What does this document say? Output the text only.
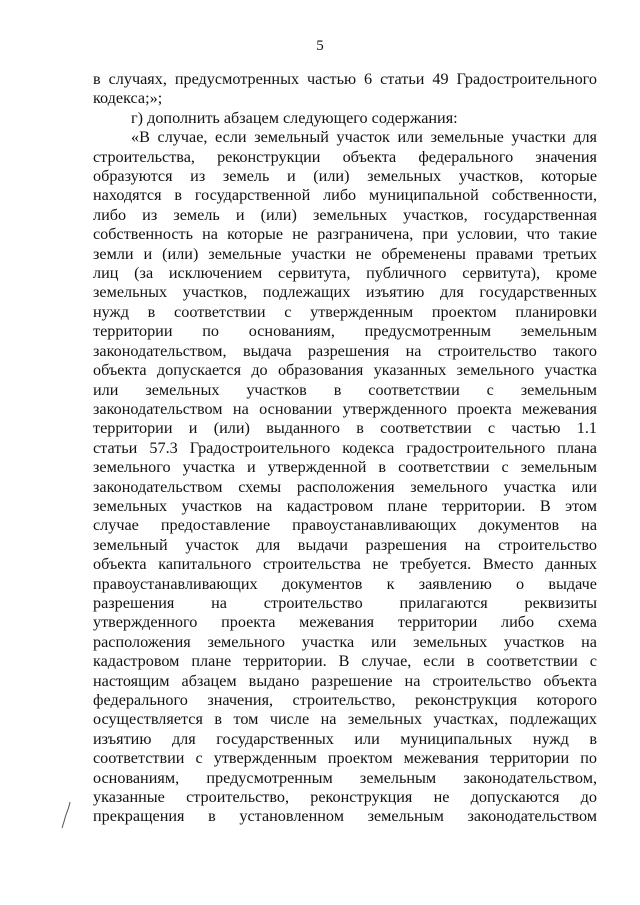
5
в случаях, предусмотренных частью 6 статьи 49 Градостроительного
кодекса;»;
г) дополнить абзацем следующего содержания:
«В случае, если земельный участок или земельные участки для
строительства, реконструкции объекта федерального значения
образуются из земель и (или) земельных участков, которые
находятся в государственной либо муниципальной собственности,
либо из земель и (или) земельных участков, государственная
собственность на которые не разграничена, при условии, что такие
земли и (или) земельные участки не обременены правами третьих
лиц (за исключением сервитута, публичного сервитута), кроме
земельных участков, подлежащих изъятию для государственных
нужд в соответствии с утвержденным проектом планировки
территории по основаниям, предусмотренным земельным
законодательством, выдача разрешения на строительство такого
объекта допускается до образования указанных земельного участка
или земельных участков в соответствии с земельным
законодательством на основании утвержденного проекта межевания
территории и (или) выданного в соответствии с частью 1.1
статьи 57.3 Градостроительного кодекса градостроительного плана
земельного участка и утвержденной в соответствии с земельным
законодательством схемы расположения земельного участка или
земельных участков на кадастровом плане территории. В этом
случае предоставление правоустанавливающих документов на
земельный участок для выдачи разрешения на строительство
объекта капитального строительства не требуется. Вместо данных
правоустанавливающих документов к заявлению о выдаче
разрешения на строительство прилагаются реквизиты
утвержденного проекта межевания территории либо схема
расположения земельного участка или земельных участков на
кадастровом плане территории. В случае, если в соответствии с
настоящим абзацем выдано разрешение на строительство объекта
федерального значения, строительство, реконструкция которого
осуществляется в том числе на земельных участках, подлежащих
изъятию для государственных или муниципальных нужд в
соответствии с утвержденным проектом межевания территории по
основаниям, предусмотренным земельным законодательством,
указанные строительство, реконструкция не допускаются до
прекращения в установленном земельным законодательством
